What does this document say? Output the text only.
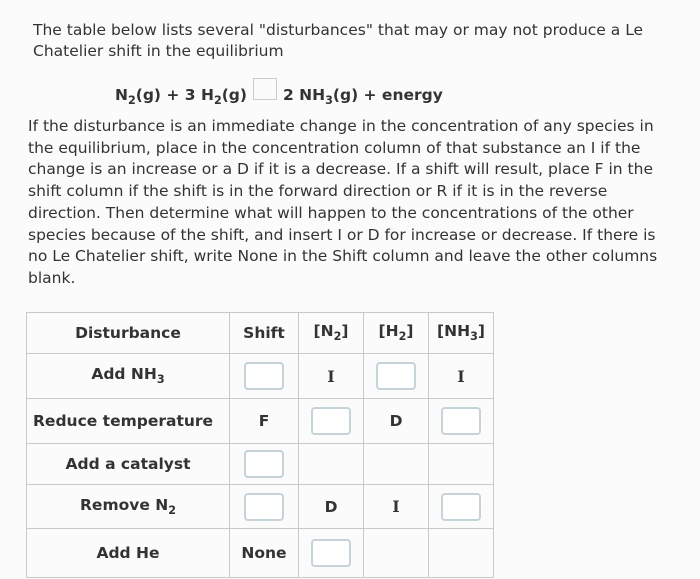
The table below lists several "disturbances" that may or may not produce a Le Chatelier shift in the equilibrium
$N_2(g) + 3$ $H_2(g)$ 2 $NH_3(g)$ + energy
If the disturbance is an immediate change in the concentration of any species in the equilibrium, place in the concentration column of that substance an I if the change is an increase or a D if it is a decrease. If a shift will result, place F in the shift column if the shift is in the forward direction or R if it is in the reverse direction. Then determine what will happen to the concentrations of the other species because of the shift, and insert I or D for increase or decrease. If there is no Le Chatelier shift, write None in the Shift column and leave the other columns blank.
Disturbance	Shift	$[N_2]$	$[H_2]$	$[NH_3]$
Add $NH_3$		I		I
Reduce temperature	F		D	
Add a catalyst				
Remove $N_2$		D	I	
Add He	None			
